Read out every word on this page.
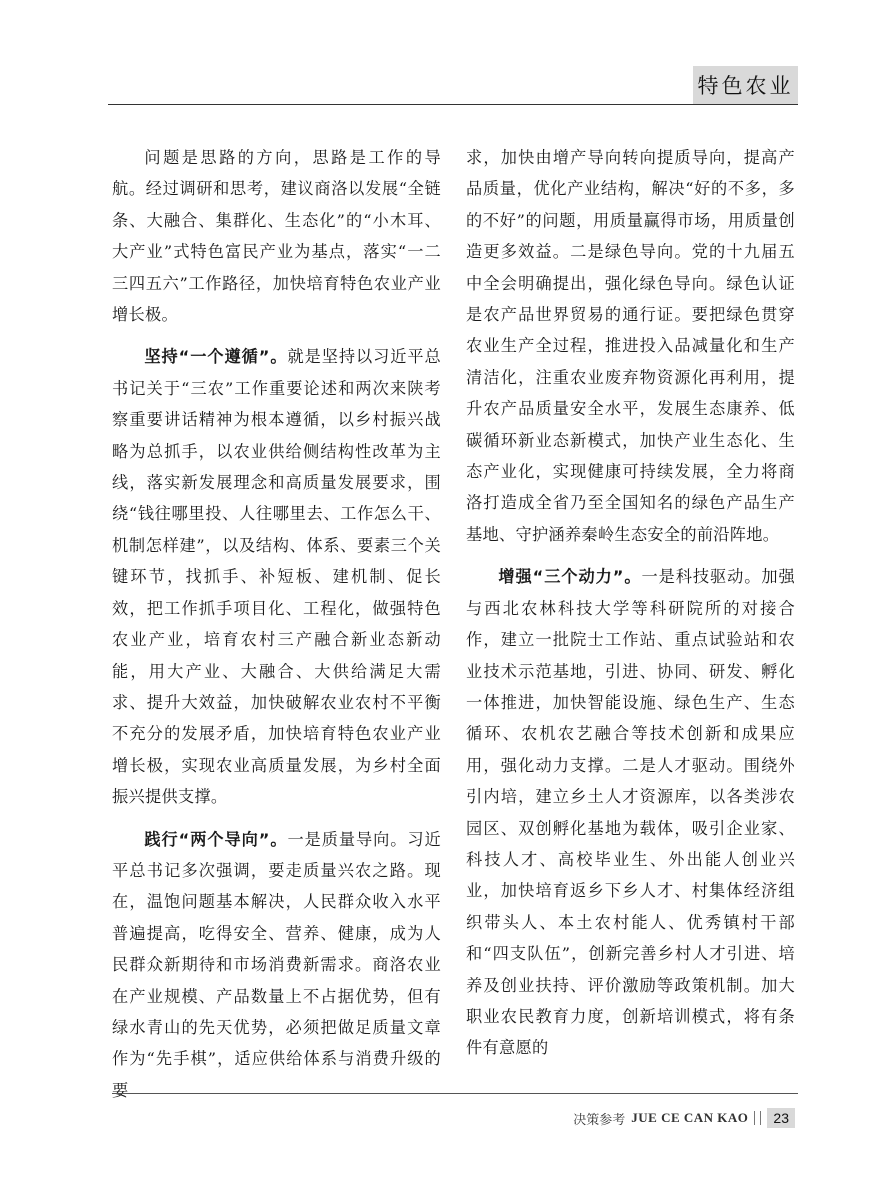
特色农业

问题是思路的方向，思路是工作的导航。经过调研和思考，建议商洛以发展“全链条、大融合、集群化、生态化”的“小木耳、大产业”式特色富民产业为基点，落实“一二三四五六”工作路径，加快培育特色农业产业增长极。

坚持“一个遵循”。就是坚持以习近平总书记关于“三农”工作重要论述和两次来陕考察重要讲话精神为根本遵循，以乡村振兴战略为总抓手，以农业供给侧结构性改革为主线，落实新发展理念和高质量发展要求，围绕“钱往哪里投、人往哪里去、工作怎么干、机制怎样建”，以及结构、体系、要素三个关键环节，找抓手、补短板、建机制、促长效，把工作抓手项目化、工程化，做强特色农业产业，培育农村三产融合新业态新动能，用大产业、大融合、大供给满足大需求、提升大效益，加快破解农业农村不平衡不充分的发展矛盾，加快培育特色农业产业增长极，实现农业高质量发展，为乡村全面振兴提供支撑。

践行“两个导向”。一是质量导向。习近平总书记多次强调，要走质量兴农之路。现在，温饱问题基本解决，人民群众收入水平普遍提高，吃得安全、营养、健康，成为人民群众新期待和市场消费新需求。商洛农业在产业规模、产品数量上不占据优势，但有绿水青山的先天优势，必须把做足质量文章作为“先手棋”，适应供给体系与消费升级的要

求，加快由增产导向转向提质导向，提高产品质量，优化产业结构，解决“好的不多，多的不好”的问题，用质量赢得市场，用质量创造更多效益。二是绿色导向。党的十九届五中全会明确提出，强化绿色导向。绿色认证是农产品世界贸易的通行证。要把绿色贯穿农业生产全过程，推进投入品减量化和生产清洁化，注重农业废弃物资源化再利用，提升农产品质量安全水平，发展生态康养、低碳循环新业态新模式，加快产业生态化、生态产业化，实现健康可持续发展，全力将商洛打造成全省乃至全国知名的绿色产品生产基地、守护涵养秦岭生态安全的前沿阵地。

增强“三个动力”。一是科技驱动。加强与西北农林科技大学等科研院所的对接合作，建立一批院士工作站、重点试验站和农业技术示范基地，引进、协同、研发、孵化一体推进，加快智能设施、绿色生产、生态循环、农机农艺融合等技术创新和成果应用，强化动力支撑。二是人才驱动。围绕外引内培，建立乡土人才资源库，以各类涉农园区、双创孵化基地为载体，吸引企业家、科技人才、高校毕业生、外出能人创业兴业，加快培育返乡下乡人才、村集体经济组织带头人、本土农村能人、优秀镇村干部和“四支队伍”，创新完善乡村人才引进、培养及创业扶持、评价激励等政策机制。加大职业农民教育力度，创新培训模式，将有条件有意愿的

决策参考 JUE CE CAN KAO	23
